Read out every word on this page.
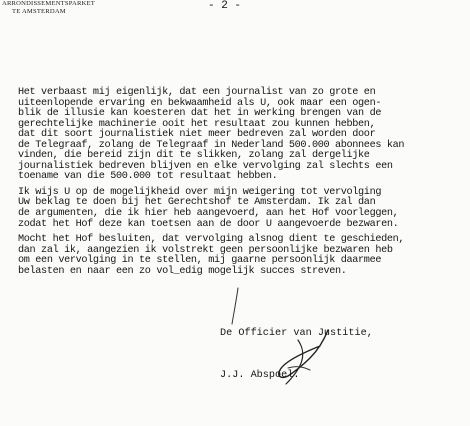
ARRONDISSEMENTSPARKET
TE AMSTERDAM	- 2 -
Het verbaast mij eigenlijk, dat een journalist van zo grote en
uiteenlopende ervaring en bekwaamheid als U, ook maar een ogen-
blik de illusie kan koesteren dat het in werking brengen van de
gerechtelijke machinerie ooit het resultaat zou kunnen hebben,
dat dit soort journalistiek niet meer bedreven zal worden door
de Telegraaf, zolang de Telegraaf in Nederland 500.000 abonnees kan
vinden, die bereid zijn dit te slikken, zolang zal dergelijke
journalistiek bedreven blijven en elke vervolging zal slechts een
toename van die 500.000 tot resultaat hebben.
Ik wijs U op de mogelijkheid over mijn weigering tot vervolging
Uw beklag te doen bij het Gerechtshof te Amsterdam. Ik zal dan
de argumenten, die ik hier heb aangevoerd, aan het Hof voorleggen,
zodat het Hof deze kan toetsen aan de door U aangevoerde bezwaren.
Mocht het Hof besluiten, dat vervolging alsnog dient te geschieden,
dan zal ik, aangezien ik volstrekt geen persoonlijke bezwaren heb
om een vervolging in te stellen, mij gaarne persoonlijk daarmee
belasten en naar een zo vol_edig mogelijk succes streven.
De Officier van Justitie,
J.J. Abspoel.
